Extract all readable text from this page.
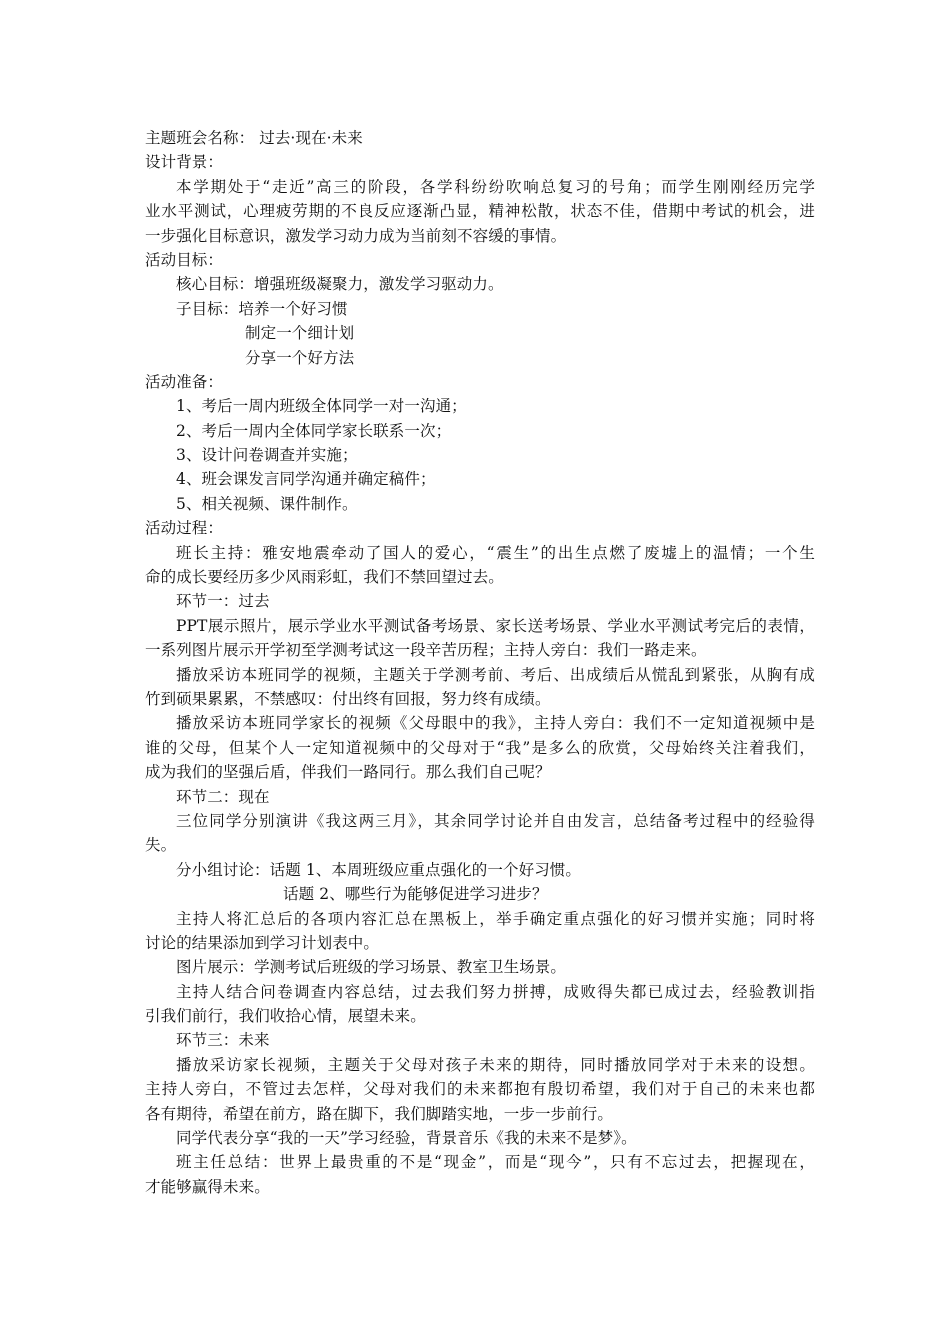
主题班会名称： 过去·现在·未来
设计背景：
本学期处于“走近”高三的阶段，各学科纷纷吹响总复习的号角；而学生刚刚经历完学
业水平测试，心理疲劳期的不良反应逐渐凸显，精神松散，状态不佳，借期中考试的机会，进
一步强化目标意识，激发学习动力成为当前刻不容缓的事情。
活动目标：
核心目标：增强班级凝聚力，激发学习驱动力。
子目标：培养一个好习惯
制定一个细计划
分享一个好方法
活动准备：
1、考后一周内班级全体同学一对一沟通；
2、考后一周内全体同学家长联系一次；
3、设计问卷调查并实施；
4、班会课发言同学沟通并确定稿件；
5、相关视频、课件制作。
活动过程：
班长主持：雅安地震牵动了国人的爱心，“震生”的出生点燃了废墟上的温情；一个生
命的成长要经历多少风雨彩虹，我们不禁回望过去。
环节一：过去
PPT展示照片，展示学业水平测试备考场景、家长送考场景、学业水平测试考完后的表情，
一系列图片展示开学初至学测考试这一段辛苦历程；主持人旁白：我们一路走来。
播放采访本班同学的视频，主题关于学测考前、考后、出成绩后从慌乱到紧张，从胸有成
竹到硕果累累，不禁感叹：付出终有回报，努力终有成绩。
播放采访本班同学家长的视频《父母眼中的我》，主持人旁白：我们不一定知道视频中是
谁的父母，但某个人一定知道视频中的父母对于“我”是多么的欣赏，父母始终关注着我们，
成为我们的坚强后盾，伴我们一路同行。那么我们自己呢？
环节二：现在
三位同学分别演讲《我这两三月》，其余同学讨论并自由发言，总结备考过程中的经验得
失。
分小组讨论：话题 1、本周班级应重点强化的一个好习惯。
话题 2、哪些行为能够促进学习进步？
主持人将汇总后的各项内容汇总在黑板上，举手确定重点强化的好习惯并实施；同时将
讨论的结果添加到学习计划表中。
图片展示：学测考试后班级的学习场景、教室卫生场景。
主持人结合问卷调查内容总结，过去我们努力拼搏，成败得失都已成过去，经验教训指
引我们前行，我们收拾心情，展望未来。
环节三：未来
播放采访家长视频，主题关于父母对孩子未来的期待，同时播放同学对于未来的设想。
主持人旁白，不管过去怎样，父母对我们的未来都抱有殷切希望，我们对于自己的未来也都
各有期待，希望在前方，路在脚下，我们脚踏实地，一步一步前行。
同学代表分享“我的一天”学习经验，背景音乐《我的未来不是梦》。
班主任总结：世界上最贵重的不是“现金”，而是“现今”，只有不忘过去，把握现在，
才能够赢得未来。
